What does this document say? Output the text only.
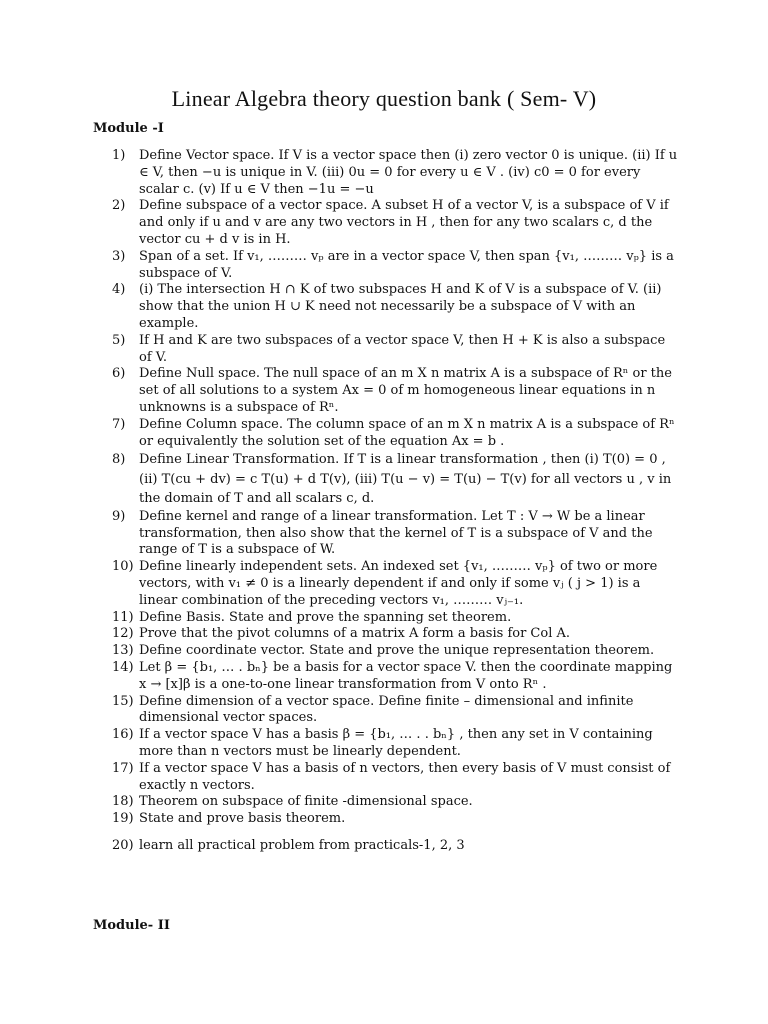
Linear Algebra theory question bank ( Sem- V)
Module -I
1)	Define Vector space. If V is a vector space then (i) zero vector 0 is unique. (ii) If u ∈ V, then −u is unique in V. (iii) 0u = 0 for every u ∈ V . (iv) c0 = 0 for every scalar c. (v) If u ∈ V then −1u = −u
2)	Define subspace of a vector space. A subset H of a vector V, is a subspace of V if and only if u and v are any two vectors in H , then for any two scalars c, d the vector cu + d v is in H.
3)	Span of a set. If v₁, ……… vₚ are in a vector space V, then span {v₁, ……… vₚ} is a subspace of V.
4)	(i) The intersection H ∩ K of two subspaces H and K of V is a subspace of V. (ii) show that the union H ∪ K need not necessarily be a subspace of V with an example.
5)	If H and K are two subspaces of a vector space V, then H + K is also a subspace of V.
6)	Define Null space. The null space of an m X n matrix A is a subspace of Rⁿ or the set of all solutions to a system Ax = 0 of m homogeneous linear equations in n unknowns is a subspace of Rⁿ.
7)	Define Column space. The column space of an m X n matrix A is a subspace of Rⁿ or equivalently the solution set of the equation Ax = b .
8)	Define Linear Transformation. If T is a linear transformation , then (i) T(0) = 0 , (ii) T(cu + dv) = c T(u) + d T(v), (iii) T(u − v) = T(u) − T(v) for all vectors u , v in the domain of T and all scalars c, d.
9)	Define kernel and range of a linear transformation. Let T : V → W be a linear transformation, then also show that the kernel of T is a subspace of V and the range of T is a subspace of W.
10) Define linearly independent sets. An indexed set {v₁, ……… vₚ} of two or more vectors, with v₁ ≠ 0 is a linearly dependent if and only if some vⱼ ( j > 1) is a linear combination of the preceding vectors v₁, ……… vⱼ₋₁.
11) Define Basis. State and prove the spanning set theorem.
12) Prove that the pivot columns of a matrix A form a basis for Col A.
13) Define coordinate vector. State and prove the unique representation theorem.
14) Let β = {b₁, … . bₙ} be a basis for a vector space V. then the coordinate mapping x → [x]β is a one-to-one linear transformation from V onto Rⁿ .
15) Define dimension of a vector space. Define finite – dimensional and infinite dimensional vector spaces.
16) If a vector space V has a basis β = {b₁, … . . bₙ} , then any set in V containing more than n vectors must be linearly dependent.
17) If a vector space V has a basis of n vectors, then every basis of V must consist of exactly n vectors.
18) Theorem on subspace of finite -dimensional space.
19) State and prove basis theorem.
20) learn all practical problem from practicals-1, 2, 3
Module- II
